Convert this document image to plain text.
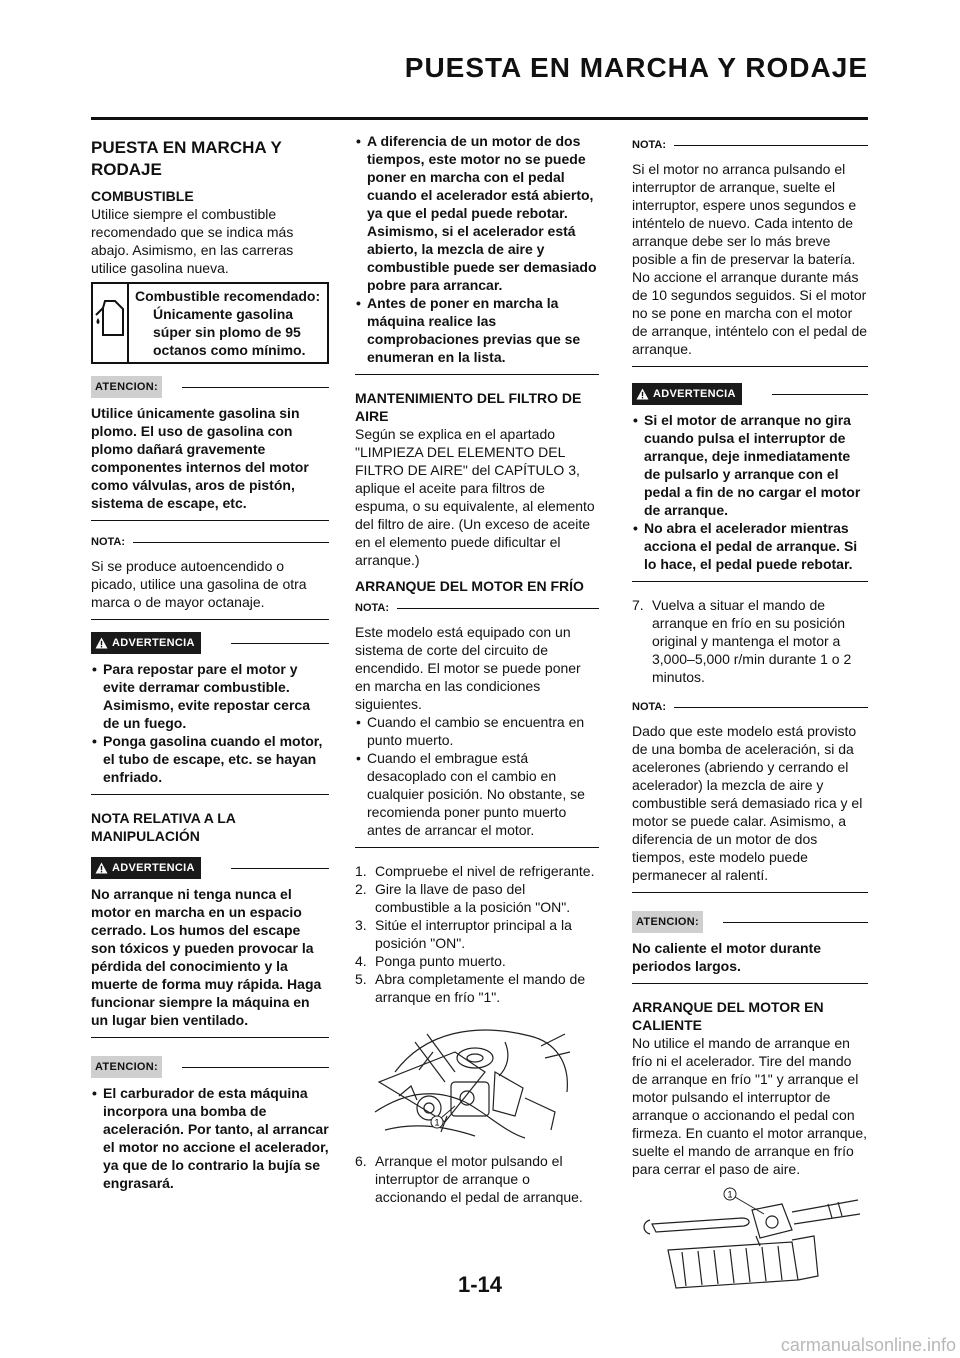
PUESTA EN MARCHA Y RODAJE
PUESTA EN MARCHA Y RODAJE

COMBUSTIBLE

Utilice siempre el combustible recomendado que se indica más abajo. Asimismo, en las carreras utilice gasolina nueva.

Combustible recomendado:

Únicamente gasolina súper sin plomo de 95 octanos como mínimo.

ATENCION:

Utilice únicamente gasolina sin plomo. El uso de gasolina con plomo dañará gravemente componentes internos del motor como válvulas, aros de pistón, sistema de escape, etc.

NOTA:

Si se produce autoencendido o picado, utilice una gasolina de otra marca o de mayor octanaje.

ADVERTENCIA
• Para repostar pare el motor y evite derramar combustible. Asimismo, evite repostar cerca de un fuego.
• Ponga gasolina cuando el motor, el tubo de escape, etc. se hayan enfriado.

NOTA RELATIVA A LA MANIPULACIÓN

ADVERTENCIA

No arranque ni tenga nunca el motor en marcha en un espacio cerrado. Los humos del escape son tóxicos y pueden provocar la pérdida del conocimiento y la muerte de forma muy rápida. Haga funcionar siempre la máquina en un lugar bien ventilado.

ATENCION:
• El carburador de esta máquina incorpora una bomba de aceleración. Por tanto, al arrancar el motor no accione el acelerador, ya que de lo contrario la bujía se engrasará.
• A diferencia de un motor de dos tiempos, este motor no se puede poner en marcha con el pedal cuando el acelerador está abierto, ya que el pedal puede rebotar. Asimismo, si el acelerador está abierto, la mezcla de aire y combustible puede ser demasiado pobre para arrancar.
• Antes de poner en marcha la máquina realice las comprobaciones previas que se enumeran en la lista.

MANTENIMIENTO DEL FILTRO DE AIRE

Según se explica en el apartado "LIMPIEZA DEL ELEMENTO DEL FILTRO DE AIRE" del CAPÍTULO 3, aplique el aceite para filtros de espuma, o su equivalente, al elemento del filtro de aire. (Un exceso de aceite en el elemento puede dificultar el arranque.)

ARRANQUE DEL MOTOR EN FRÍO

NOTA:

Este modelo está equipado con un sistema de corte del circuito de encendido. El motor se puede poner en marcha en las condiciones siguientes.

• Cuando el cambio se encuentra en punto muerto.
• Cuando el embrague está desacoplado con el cambio en cualquier posición. No obstante, se recomienda poner punto muerto antes de arrancar el motor.
1. Compruebe el nivel de refrigerante.
2. Gire la llave de paso del combustible a la posición "ON".
3. Sitúe el interruptor principal a la posición "ON".
4. Ponga punto muerto.
5. Abra completamente el mando de arranque en frío "1".
1
6. Arranque el motor pulsando el interruptor de arranque o accionando el pedal de arranque.
NOTA:

Si el motor no arranca pulsando el interruptor de arranque, suelte el interruptor, espere unos segundos e inténtelo de nuevo. Cada intento de arranque debe ser lo más breve posible a fin de preservar la batería. No accione el arranque durante más de 10 segundos seguidos. Si el motor no se pone en marcha con el motor de arranque, inténtelo con el pedal de arranque.

ADVERTENCIA
• Si el motor de arranque no gira cuando pulsa el interruptor de arranque, deje inmediatamente de pulsarlo y arranque con el pedal a fin de no cargar el motor de arranque.
• No abra el acelerador mientras acciona el pedal de arranque. Si lo hace, el pedal puede rebotar.
7. Vuelva a situar el mando de arranque en frío en su posición original y mantenga el motor a 3,000–5,000 r/min durante 1 o 2 minutos.
NOTA:

Dado que este modelo está provisto de una bomba de aceleración, si da acelerones (abriendo y cerrando el acelerador) la mezcla de aire y combustible será demasiado rica y el motor se puede calar. Asimismo, a diferencia de un motor de dos tiempos, este modelo puede permanecer al ralentí.

ATENCION:

No caliente el motor durante periodos largos.

ARRANQUE DEL MOTOR EN CALIENTE

No utilice el mando de arranque en frío ni el acelerador. Tire del mando de arranque en frío "1" y arranque el motor pulsando el interruptor de arranque o accionando el pedal con firmeza. En cuanto el motor arranque, suelte el mando de arranque en frío para cerrar el paso de aire.

1

1-14

carmanualsonline.info
